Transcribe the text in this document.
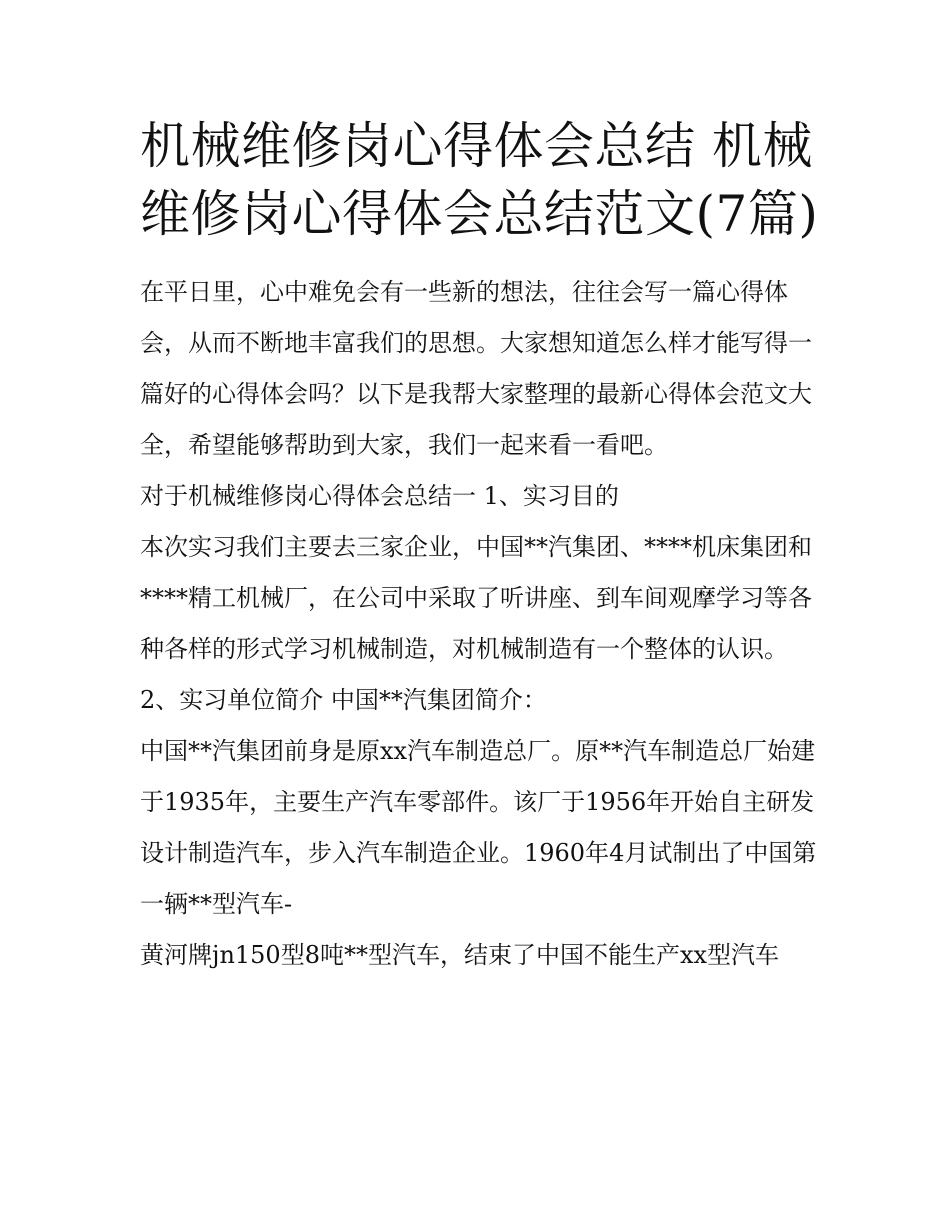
机械维修岗心得体会总结 机械维修岗心得体会总结范文(7篇)

在平日里，心中难免会有一些新的想法，往往会写一篇心得体会，从而不断地丰富我们的思想。大家想知道怎么样才能写得一篇好的心得体会吗？以下是我帮大家整理的最新心得体会范文大全，希望能够帮助到大家，我们一起来看一看吧。

对于机械维修岗心得体会总结一 1、实习目的

本次实习我们主要去三家企业，中国**汽集团、****机床集团和****精工机械厂，在公司中采取了听讲座、到车间观摩学习等各种各样的形式学习机械制造，对机械制造有一个整体的认识。

2、实习单位简介 中国**汽集团简介：

中国**汽集团前身是原xx汽车制造总厂。原**汽车制造总厂始建于1935年，主要生产汽车零部件。该厂于1956年开始自主研发设计制造汽车，步入汽车制造企业。1960年4月试制出了中国第一辆**型汽车-

黄河牌jn150型8吨**型汽车，结束了中国不能生产xx型汽车
